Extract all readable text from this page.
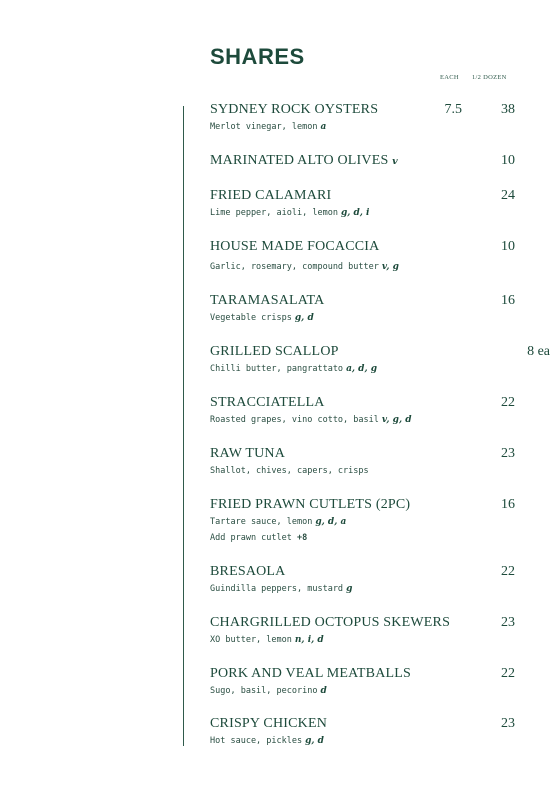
SHARES
EACH 1/2 DOZEN
SYDNEY ROCK OYSTERS	7.5	38
Merlot vinegar, lemon a
MARINATED ALTO OLIVES v	10
FRIED CALAMARI	24
Lime pepper, aioli, lemon g, d, i
HOUSE MADE FOCACCIA	10
Garlic, rosemary, compound butter v, g
TARAMASALATA	16
Vegetable crisps g, d
GRILLED SCALLOP	8 ea
Chilli butter, pangrattato a, d, g
STRACCIATELLA	22
Roasted grapes, vino cotto, basil v, g, d
RAW TUNA	23
Shallot, chives, capers, crisps
FRIED PRAWN CUTLETS (2PC)	16
Tartare sauce, lemon g, d, a
Add prawn cutlet +8
BRESAOLA	22
Guindilla peppers, mustard g
CHARGRILLED OCTOPUS SKEWERS	23
XO butter, lemon n, i, d
PORK AND VEAL MEATBALLS	22
Sugo, basil, pecorino d
CRISPY CHICKEN	23
Hot sauce, pickles g, d
